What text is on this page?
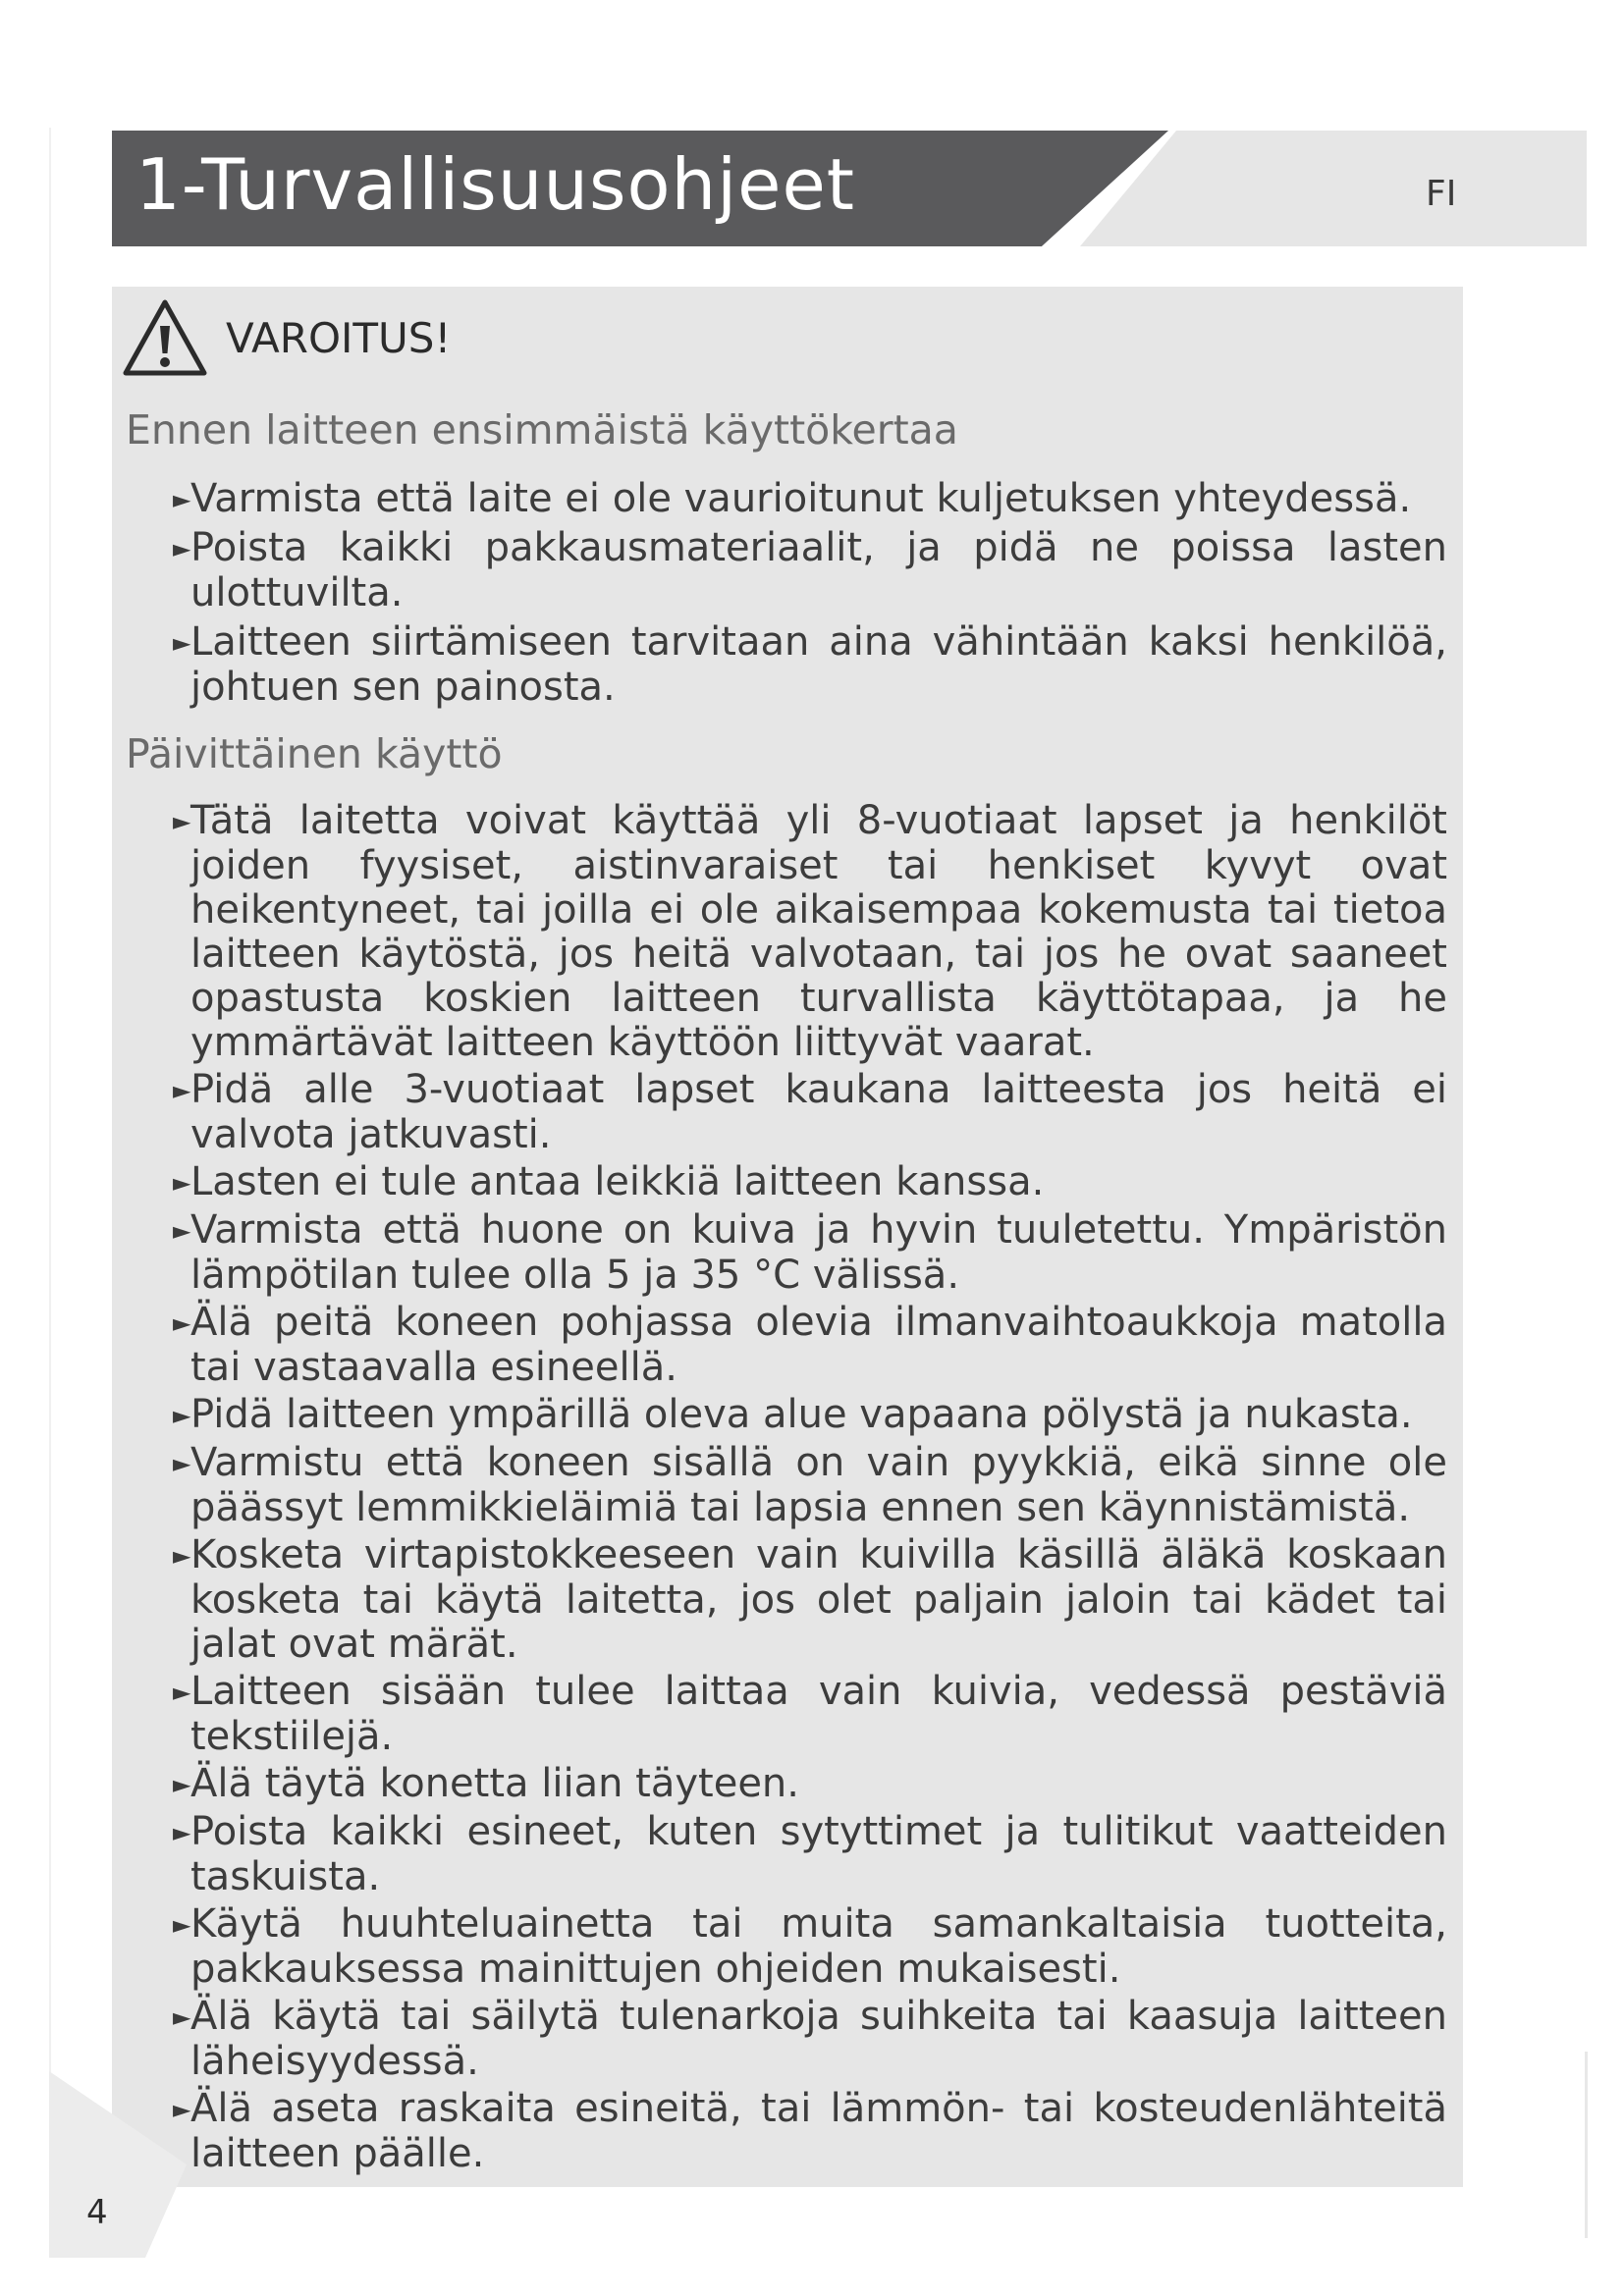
1-Turvallisuusohjeet	FI
VAROITUS!
Ennen laitteen ensimmäistä käyttökertaa
►Varmista että laite ei ole vaurioitunut kuljetuksen yhteydessä.
►Poista kaikki pakkausmateriaalit, ja pidä ne poissa lasten ulottuvilta.
►Laitteen siirtämiseen tarvitaan aina vähintään kaksi henkilöä, johtuen sen painosta.
Päivittäinen käyttö
►Tätä laitetta voivat käyttää yli 8-vuotiaat lapset ja henkilöt joiden fyysiset, aistinvaraiset tai henkiset kyvyt ovat heikentyneet, tai joilla ei ole aikaisempaa kokemusta tai tietoa laitteen käytöstä, jos heitä valvotaan, tai jos he ovat saaneet opastusta koskien laitteen turvallista käyttötapaa, ja he ymmärtävät laitteen käyttöön liittyvät vaarat.
►Pidä alle 3-vuotiaat lapset kaukana laitteesta jos heitä ei valvota jatkuvasti.
►Lasten ei tule antaa leikkiä laitteen kanssa.
►Varmista että huone on kuiva ja hyvin tuuletettu. Ympäristön lämpötilan tulee olla 5 ja 35 °C välissä.
►Älä peitä koneen pohjassa olevia ilmanvaihtoaukkoja matolla tai vastaavalla esineellä.
►Pidä laitteen ympärillä oleva alue vapaana pölystä ja nukasta.
►Varmistu että koneen sisällä on vain pyykkiä, eikä sinne ole päässyt lemmikkieläimiä tai lapsia ennen sen käynnistämistä.
►Kosketa virtapistokkeeseen vain kuivilla käsillä äläkä koskaan kosketa tai käytä laitetta, jos olet paljain jaloin tai kädet tai jalat ovat märät.
►Laitteen sisään tulee laittaa vain kuivia, vedessä pestäviä tekstiilejä.
►Älä täytä konetta liian täyteen.
►Poista kaikki esineet, kuten sytyttimet ja tulitikut vaatteiden taskuista.
►Käytä huuhteluainetta tai muita samankaltaisia tuotteita, pakkauksessa mainittujen ohjeiden mukaisesti.
►Älä käytä tai säilytä tulenarkoja suihkeita tai kaasuja laitteen läheisyydessä.
►Älä aseta raskaita esineitä, tai lämmön- tai kosteudenlähteitä laitteen päälle.
4
